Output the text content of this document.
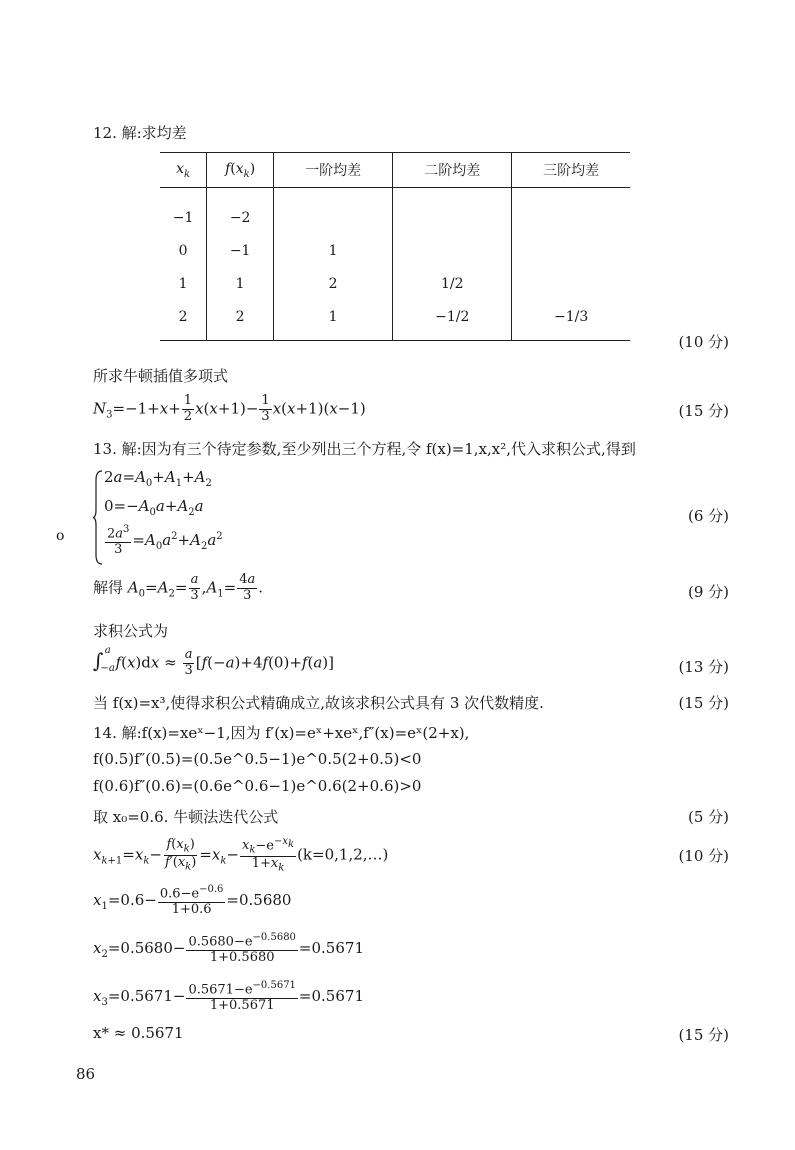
12. 解:求均差
$x_k$	$f(x_k)$	一阶均差	二阶均差	三阶均差
−1	−2			
0	−1	1		
1	1	2	1/2	
2	2	1	−1/2	−1/3
(10 分)
所求牛顿插值多项式
$N_3=-1+x+ \frac{1}{2} x(x+1)- \frac{1}{3} x(x+1)(x-1)$	(15 分)
13. 解:因为有三个待定参数,至少列出三个方程,令 f(x)=1,x,x²,代入求积公式,得到
$2a=A_0+A_1+A_2$
$0=-A_0a+A_2a$
$\frac{2a^3}{3} =A_0a^2+A_2a^2$
(6 分)
o
解得 $A_0=A_2= \frac{a}{3} ,A_1= \frac{4a}{3}$ .	(9 分)
求积公式为
$\int_{-a}^a$ $f(x)dx \approx \frac{a}{3} [f(-a)+4f(0)+f(a)]$	(13 分)
当 f(x)=x³,使得求积公式精确成立,故该求积公式具有 3 次代数精度.	(15 分)
14. 解:f(x)=xeˣ−1,因为 f′(x)=eˣ+xeˣ,f″(x)=eˣ(2+x),
f(0.5)f″(0.5)=(0.5e^0.5−1)e^0.5(2+0.5)<0
f(0.6)f″(0.6)=(0.6e^0.6−1)e^0.6(2+0.6)>0
取 x₀=0.6. 牛顿法迭代公式	(5 分)
$x_{k+1}=x_k- \frac{f(x_k)}{f'(x_k)} =x_k- \frac{x_k-e^{-x_k}}{1+x_k}$ (k=0,1,2,…)	(10 分)
$x_1=0.6- \frac{0.6-e^{-0.6}}{1+0.6} =0.5680$
$x_2=0.5680- \frac{0.5680-e^{-0.5680}}{1+0.5680} =0.5671$
$x_3=0.5671- \frac{0.5671-e^{-0.5671}}{1+0.5671} =0.5671$
x* ≈ 0.5671	(15 分)
86
